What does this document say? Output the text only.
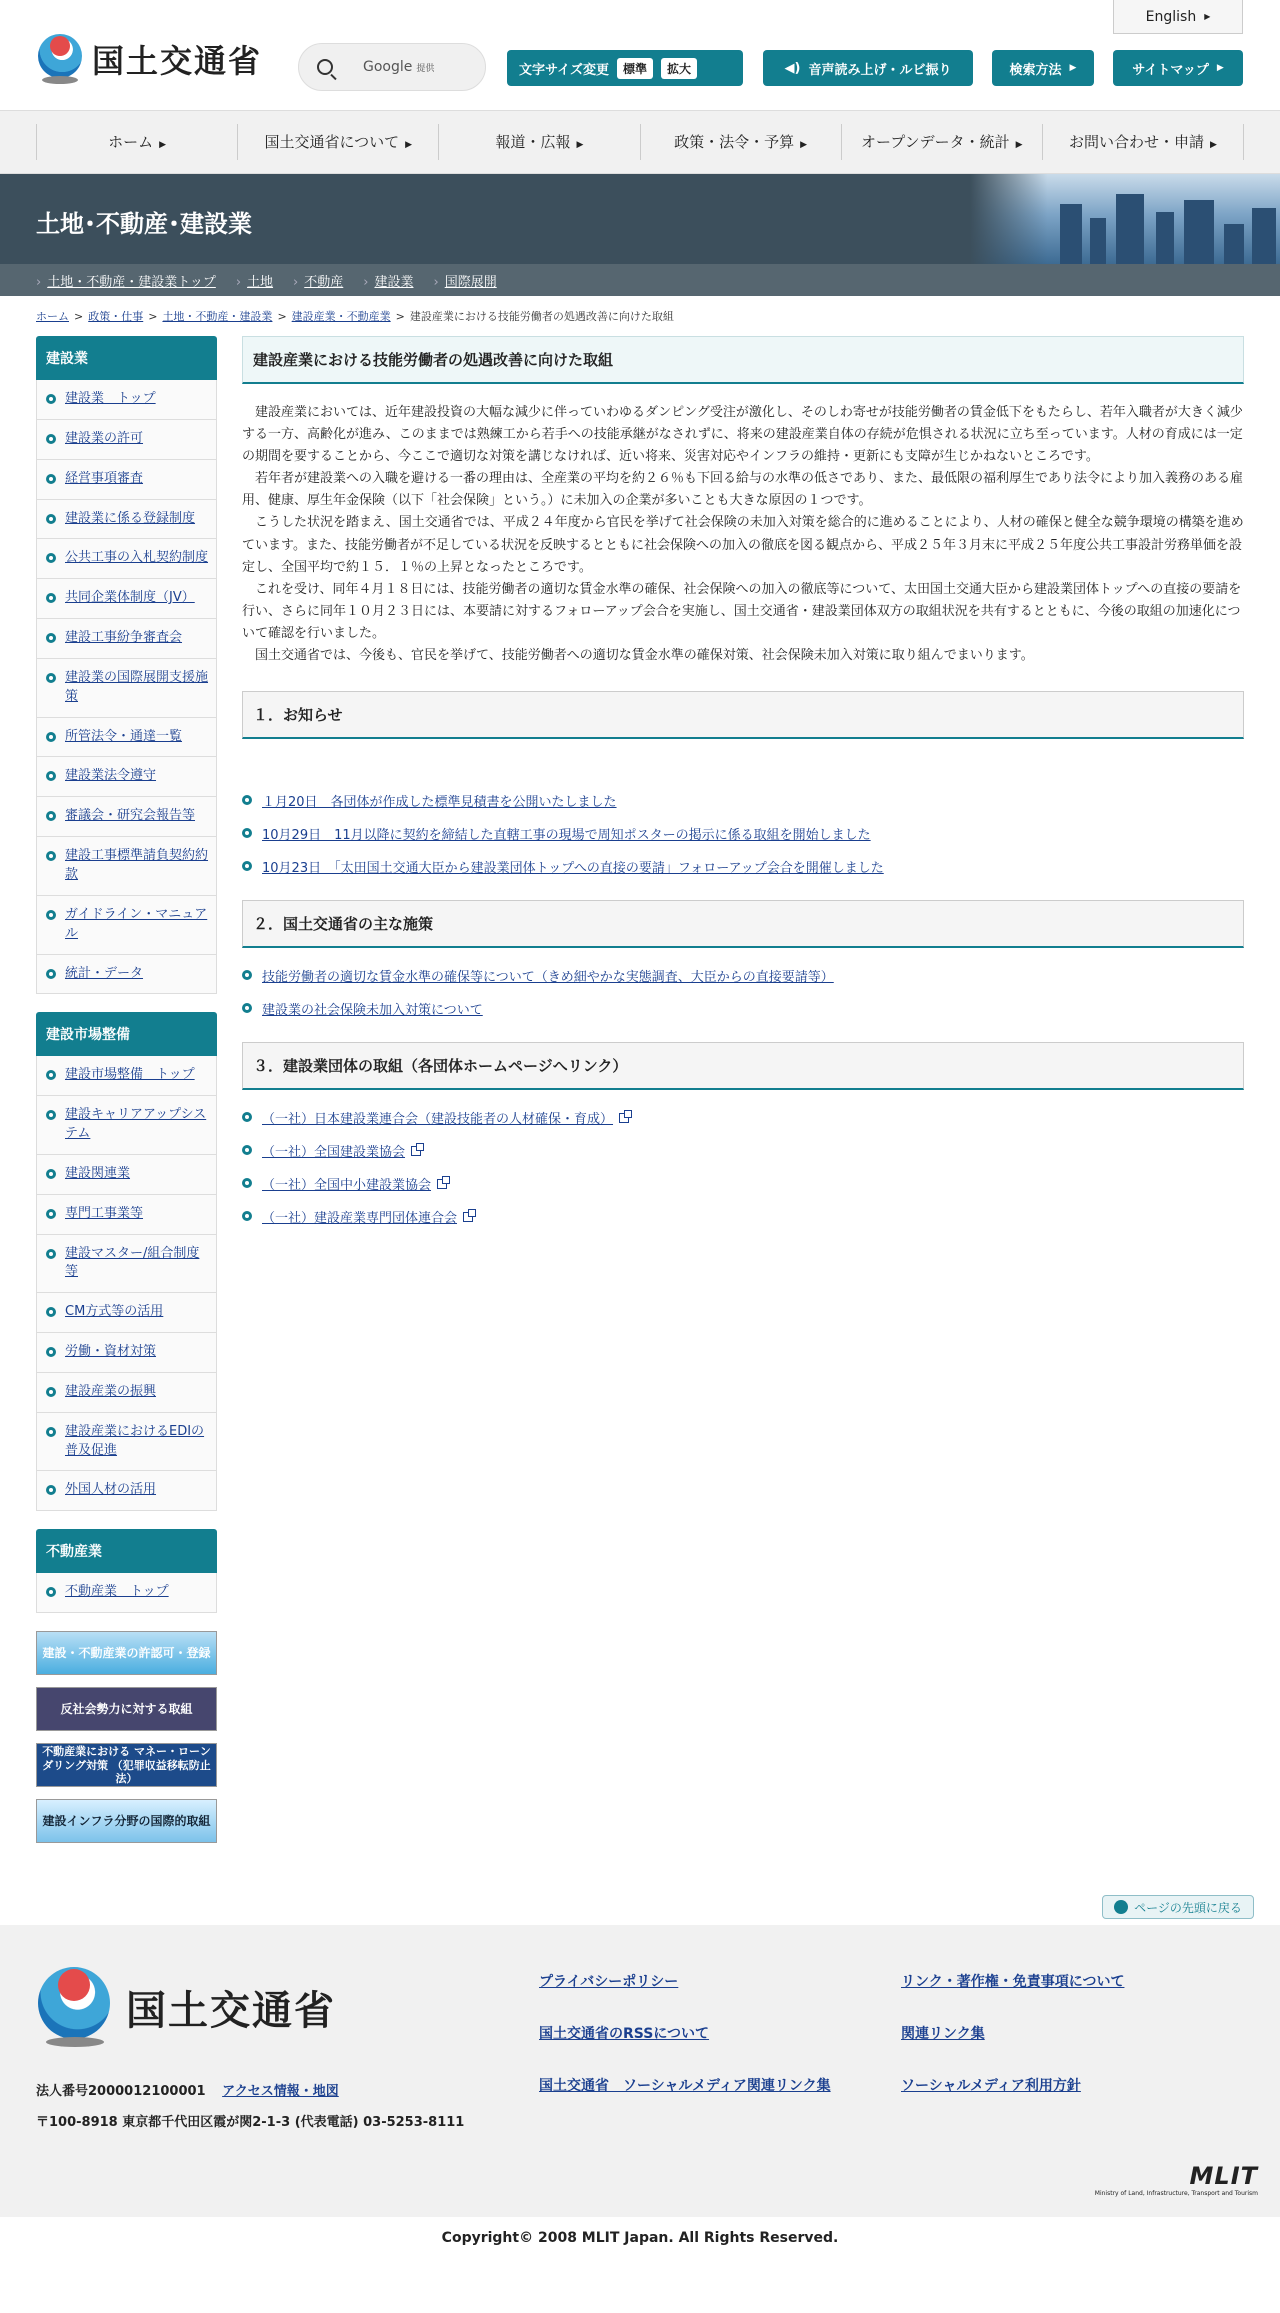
国土交通省	Google 提供	文字サイズ変更	標準	拡大	◀) 音声読み上げ・ルビ振り	検索方法 ▶	サイトマップ ▶
English ▶
ホーム ▶	国土交通省について ▶	報道・広報 ▶	政策・法令・予算 ▶	オープンデータ・統計 ▶	お問い合わせ・申請 ▶
土地･不動産･建設業
› 土地・不動産・建設業トップ	› 土地	› 不動産	› 建設業	› 国際展開
ホーム > 政策・仕事 > 土地・不動産・建設業 > 建設産業・不動産業 > 建設産業における技能労働者の処遇改善に向けた取組
建設業
建設業　トップ
建設業の許可
経営事項審査
建設業に係る登録制度
公共工事の入札契約制度
共同企業体制度（JV）
建設工事紛争審査会
建設業の国際展開支援施策
所管法令・通達一覧
建設業法令遵守
審議会・研究会報告等
建設工事標準請負契約約款
ガイドライン・マニュアル
統計・データ
建設市場整備
建設市場整備　トップ
建設キャリアアップシステム
建設関連業
専門工事業等
建設マスター/組合制度等
CM方式等の活用
労働・資材対策
建設産業の振興
建設産業におけるEDIの普及促進
外国人材の活用
不動産業
不動産業　トップ
建設・不動産業の許認可・登録
反社会勢力に対する取組
不動産業における マネー・ローンダリング対策 （犯罪収益移転防止法）
建設インフラ分野の国際的取組
建設産業における技能労働者の処遇改善に向けた取組

建設産業においては、近年建設投資の大幅な減少に伴っていわゆるダンピング受注が激化し、そのしわ寄せが技能労働者の賃金低下をもたらし、若年入職者が大きく減少する一方、高齢化が進み、このままでは熟練工から若手への技能承継がなされずに、将来の建設産業自体の存続が危惧される状況に立ち至っています。人材の育成には一定の期間を要することから、今ここで適切な対策を講じなければ、近い将来、災害対応やインフラの維持・更新にも支障が生じかねないところです。

若年者が建設業への入職を避ける一番の理由は、全産業の平均を約２６％も下回る給与の水準の低さであり、また、最低限の福利厚生であり法令により加入義務のある雇用、健康、厚生年金保険（以下「社会保険」という。）に未加入の企業が多いことも大きな原因の１つです。

こうした状況を踏まえ、国土交通省では、平成２４年度から官民を挙げて社会保険の未加入対策を総合的に進めることにより、人材の確保と健全な競争環境の構築を進めています。また、技能労働者が不足している状況を反映するとともに社会保険への加入の徹底を図る観点から、平成２５年３月末に平成２５年度公共工事設計労務単価を設定し、全国平均で約１５．１％の上昇となったところです。

これを受け、同年４月１８日には、技能労働者の適切な賃金水準の確保、社会保険への加入の徹底等について、太田国土交通大臣から建設業団体トップへの直接の要請を行い、さらに同年１０月２３日には、本要請に対するフォローアップ会合を実施し、国土交通省・建設業団体双方の取組状況を共有するとともに、今後の取組の加速化について確認を行いました。

国土交通省では、今後も、官民を挙げて、技能労働者への適切な賃金水準の確保対策、社会保険未加入対策に取り組んでまいります。

１．お知らせ
１月20日　各団体が作成した標準見積書を公開いたしました
10月29日　11月以降に契約を締結した直轄工事の現場で周知ポスターの掲示に係る取組を開始しました
10月23日　「太田国土交通大臣から建設業団体トップへの直接の要請」フォローアップ会合を開催しました
２．国土交通省の主な施策
技能労働者の適切な賃金水準の確保等について（きめ細やかな実態調査、大臣からの直接要請等）
建設業の社会保険未加入対策について
３．建設業団体の取組（各団体ホームページへリンク）
（一社）日本建設業連合会（建設技能者の人材確保・育成）
（一社）全国建設業協会
（一社）全国中小建設業協会
（一社）建設産業専門団体連合会
ページの先頭に戻る
国土交通省
法人番号2000012100001 アクセス情報・地図
〒100-8918 東京都千代田区霞が関2-1-3 (代表電話) 03-5253-8111
プライバシーポリシー	リンク・著作権・免責事項について
国土交通省のRSSについて	関連リンク集
国土交通省　ソーシャルメディア関連リンク集	ソーシャルメディア利用方針
MLIT
Ministry of Land, Infrastructure, Transport and Tourism
Copyright© 2008 MLIT Japan. All Rights Reserved.
